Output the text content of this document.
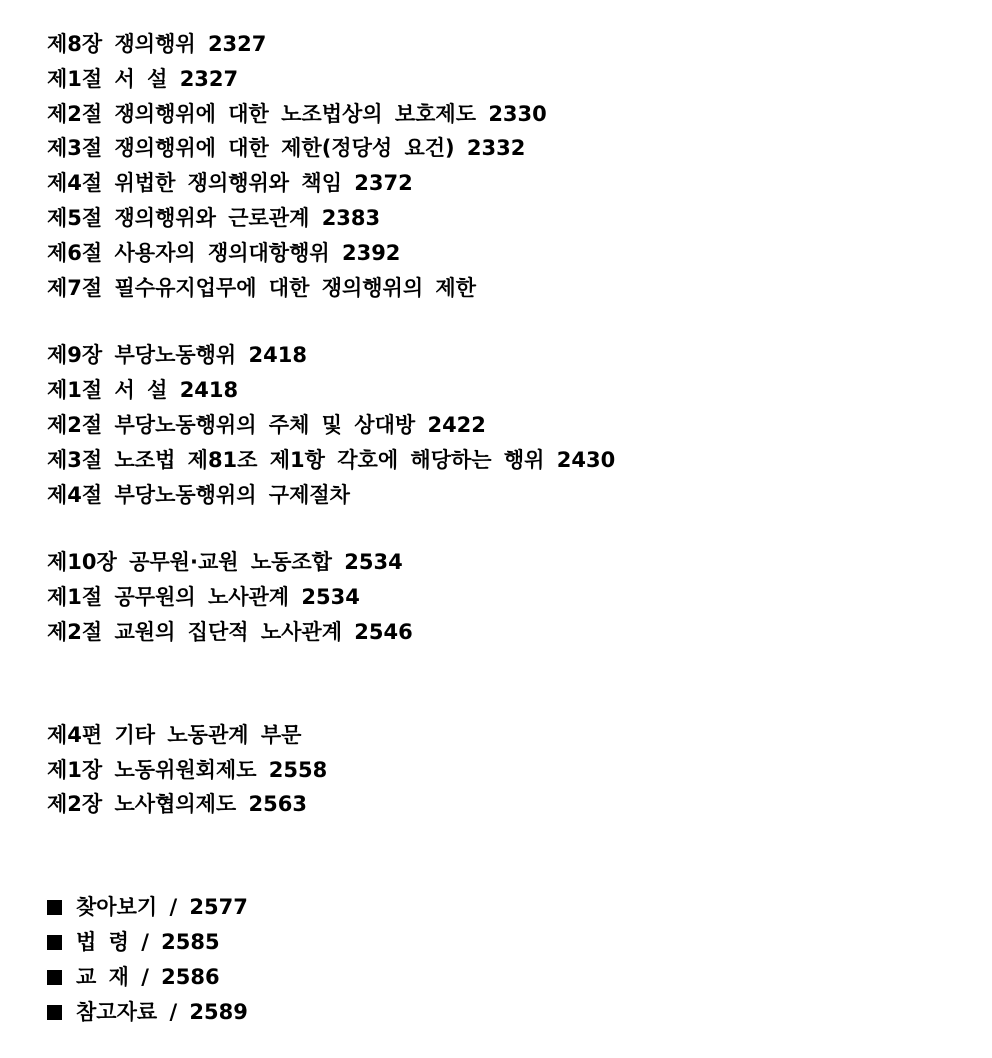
제8장 쟁의행위 2327
제1절 서 설 2327
제2절 쟁의행위에 대한 노조법상의 보호제도 2330
제3절 쟁의행위에 대한 제한(정당성 요건) 2332
제4절 위법한 쟁의행위와 책임 2372
제5절 쟁의행위와 근로관계 2383
제6절 사용자의 쟁의대항행위 2392
제7절 필수유지업무에 대한 쟁의행위의 제한
제9장 부당노동행위 2418
제1절 서 설 2418
제2절 부당노동행위의 주체 및 상대방 2422
제3절 노조법 제81조 제1항 각호에 해당하는 행위 2430
제4절 부당노동행위의 구제절차
제10장 공무원·교원 노동조합 2534
제1절 공무원의 노사관계 2534
제2절 교원의 집단적 노사관계 2546
제4편 기타 노동관계 부문
제1장 노동위원회제도 2558
제2장 노사협의제도 2563
찾아보기 / 2577
법 령 / 2585
교 재 / 2586
참고자료 / 2589
